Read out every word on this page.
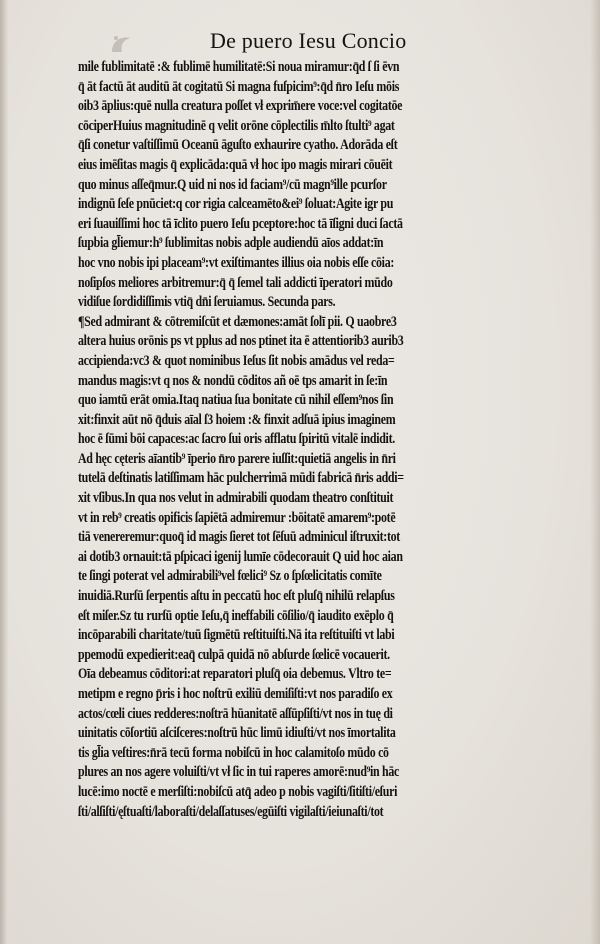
De puero Iesu Concio
mile fublimitatē :& fublimē humilitatē:Si noua miramur:q̄d ſ ſi ēvn
q̄ āt factū āt auditū āt cogitatū Si magna fuſpicim⁹:q̄d n̄ro Ieſu mōis
oib3 āplius:quē nulla creatura poſſet vł exprim̄ere voce:vel cogitatōe
cōciperHuius magnitudinē q velit orōne cōplectilis m̄lto ſtulti⁹ agat
q̄ſi conetur vaſtiſſimū Oceanū āguſto exhaurire cyatho. Adorāda eſt
eius imēſitas magis q̄ explicāda:quā vł hoc ipo magis mirari cōuēit
quo minus aſſeq̄mur.Q uid ni nos id faciam⁹/cū magn⁹ille pcurſor
indignū ſeſe pnūciet:q cor rigia calceamēto&ei⁹ ſoluat:Agite igr pu
eri ſuauiſſimi hoc tā īclito puero Ieſu pceptore:hoc tā īſigni duci ſactā
ſupbia gl̄iemur:h⁹ ſublimitas nobis adple audiendū aīos addat:īn
hoc vno nobis ipi placeam⁹:vt exiſtimantes illius oia nobis eſſe cōia:
noſipſos meliores arbitremur:q̄ q̄ ſemel tali addicti īperatori mūdo
vidiſue ſordidiſſimis vtiq̄ dn̄i ſeruiamus. Secunda pars.
¶Sed admirant & cōtremiſcūt et dæmones:amāt ſolī pii. Q uaobre3
altera huius orōnis ps vt pplus ad nos ptinet ita ē attentiorib3 aurib3
accipienda:vc3 & quot nominibus Ieſus ſit nobis amādus vel reda=
mandus magis:vt q nos & nondū cōditos añ oē tps amarit in ſe:īn
quo iamtū erāt omia.Itaq natiua ſua bonitate cū nihil eſſem⁹nos ſin
xit:finxit aūt nō q̄duis aīal ſ3 hoiem :& finxit adſuā ipius imaginem
hoc ē ſūmi bōi capaces:ac ſacro ſui oris afflatu ſpiritū vitalē indidit.
Ad hęc cęteris aīantib⁹ īperio n̄ro parere iuſſit:quietiā angelis in n̄ri
tutelā deſtinatis latiſſimam hāc pulcherrimā mūdi fabricā n̄ris addi=
xit vſibus.In qua nos velut in admirabili quodam theatro conſtituit
vt in reb⁹ creatis opificis ſapiētā admiremur :bōitatē amarem⁹:potē
tiā venereremur:quoq̄ id magis ſieret tot ſēſuū adminicul iſtruxit:tot
ai dotib3 ornauit:tā pſpicaci igenij lumīe cōdecorauit Q uid hoc aian
te ſingi poterat vel admirabili⁹vel fœlici⁹ Sz o ſpſœlicitatis comīte
inuidiā.Rurſū ſerpentis aſtu in peccatū hoc eſt pluſq̄ nihilū relapſus
eſt miſer.Sz tu rurſū optie Ieſu,q̄ ineffabili cōſilio/q̄ iaudito exēplo q̄
incōparabili charitate/tuū ſigmētū reſtituiſti.Nā ita reſtituiſti vt labi
ppemodū expedierit:eaq̄ culpā quidā nō abſurde ſœlicē vocauerit.
Oīa debeamus cōditori:at reparatori pluſq̄ oia debemus. Vltro te=
metipm e regno p̄ris i hoc noſtrū exiliū demiſiſti:vt nos paradiſo ex
actos/cœli ciues redderes:noſtrā hūanitatē aſſūpſiſti/vt nos in tuę di
uinitatis cōſortiū aſciſceres:noſtrū hūc limū idiuſti/vt nos īmortalita
tis gl̄ia veſtires:n̄rā tecū forma nobiſcū in hoc calamitoſo mūdo cō
plures an nos agere voluiſti/vt vł ſic in tui raperes amorē:nud⁹in hāc
lucē:imo noctē e merſiſti:nobiſcū atq̄ adeo p nobis vagiſti/ſitiſti/eſuri
ſti/alſiſti/ęſtuaſti/laboraſti/delaſſatuses/egūiſti vigilaſti/ieiunaſti/tot
